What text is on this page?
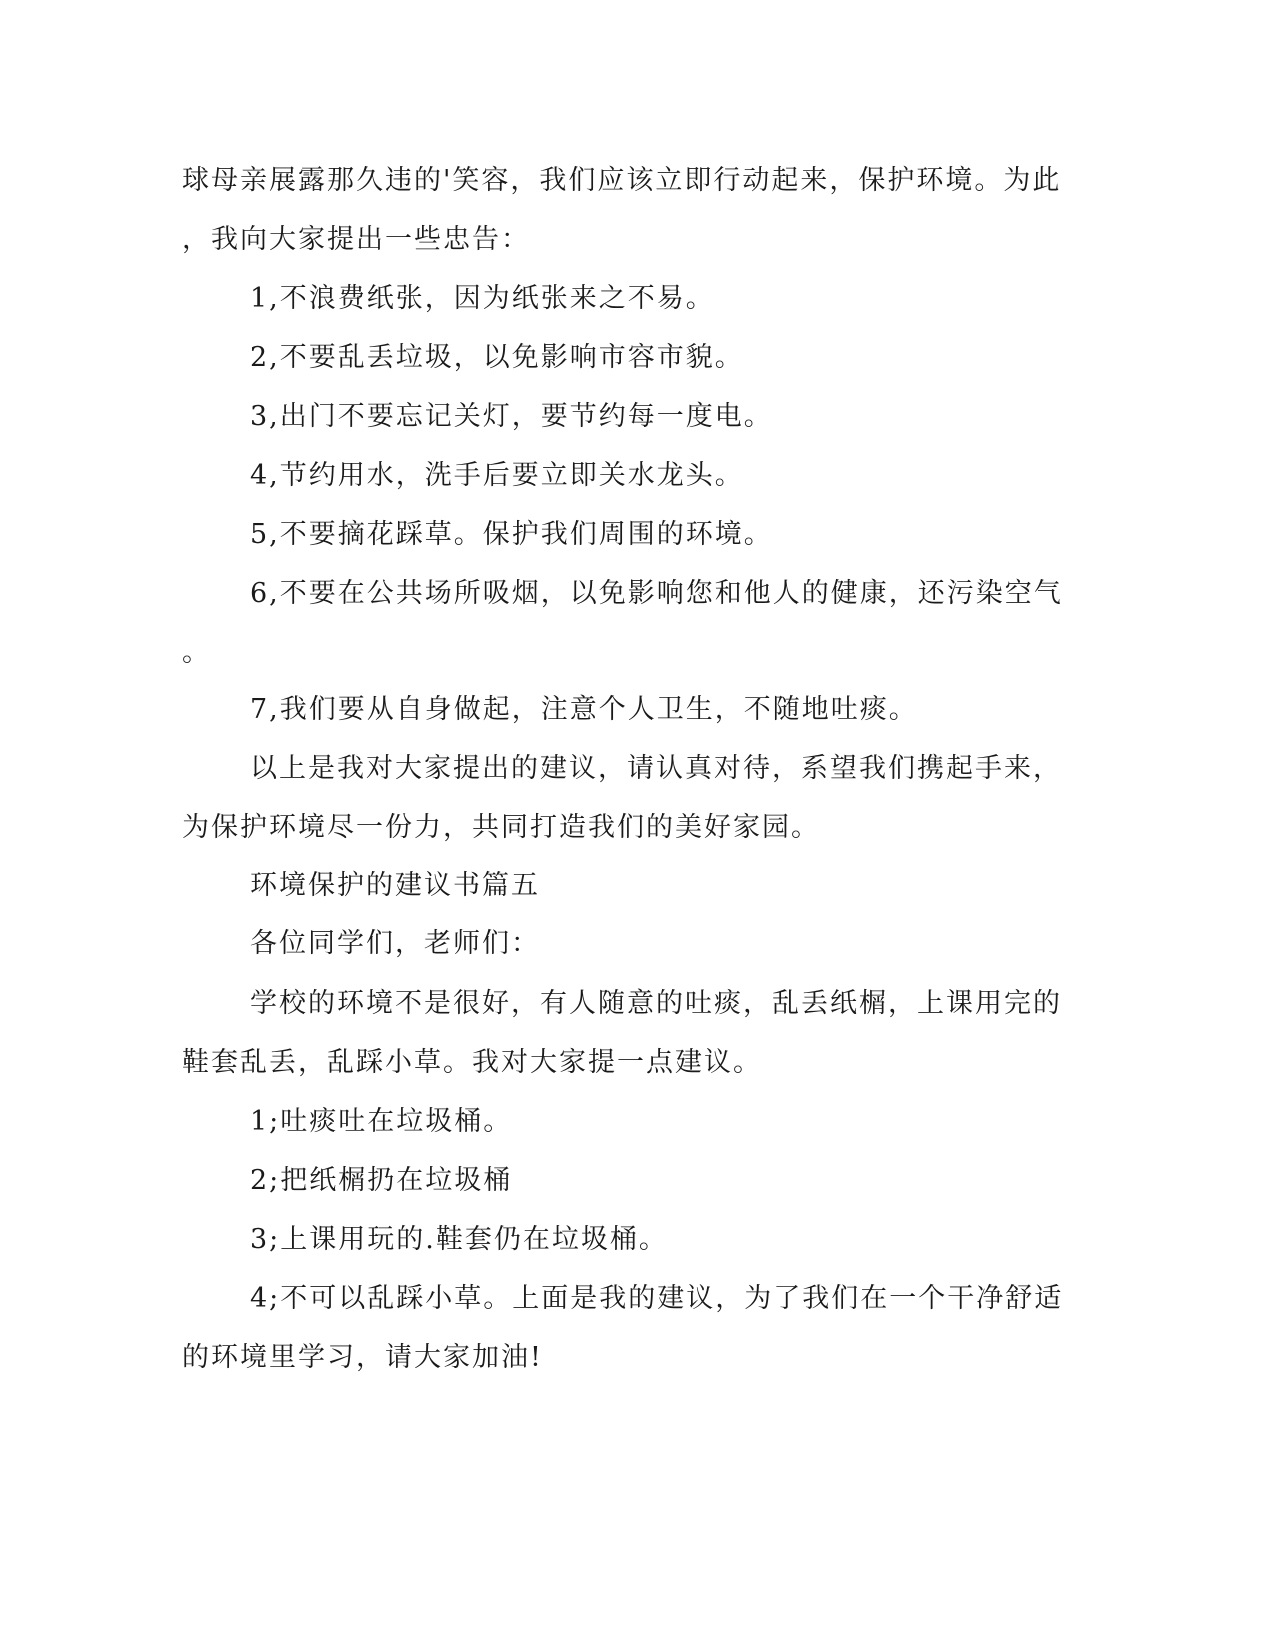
球母亲展露那久违的'笑容，我们应该立即行动起来，保护环境。为此
，我向大家提出一些忠告：
1,不浪费纸张，因为纸张来之不易。
2,不要乱丢垃圾，以免影响市容市貌。
3,出门不要忘记关灯，要节约每一度电。
4,节约用水，洗手后要立即关水龙头。
5,不要摘花踩草。保护我们周围的环境。
6,不要在公共场所吸烟，以免影响您和他人的健康，还污染空气
。
7,我们要从自身做起，注意个人卫生，不随地吐痰。
以上是我对大家提出的建议，请认真对待，系望我们携起手来，
为保护环境尽一份力，共同打造我们的美好家园。
环境保护的建议书篇五
各位同学们，老师们：
学校的环境不是很好，有人随意的吐痰，乱丢纸榍，上课用完的
鞋套乱丢，乱踩小草。我对大家提一点建议。
1;吐痰吐在垃圾桶。
2;把纸榍扔在垃圾桶
3;上课用玩的.鞋套仍在垃圾桶。
4;不可以乱踩小草。上面是我的建议，为了我们在一个干净舒适
的环境里学习，请大家加油!
